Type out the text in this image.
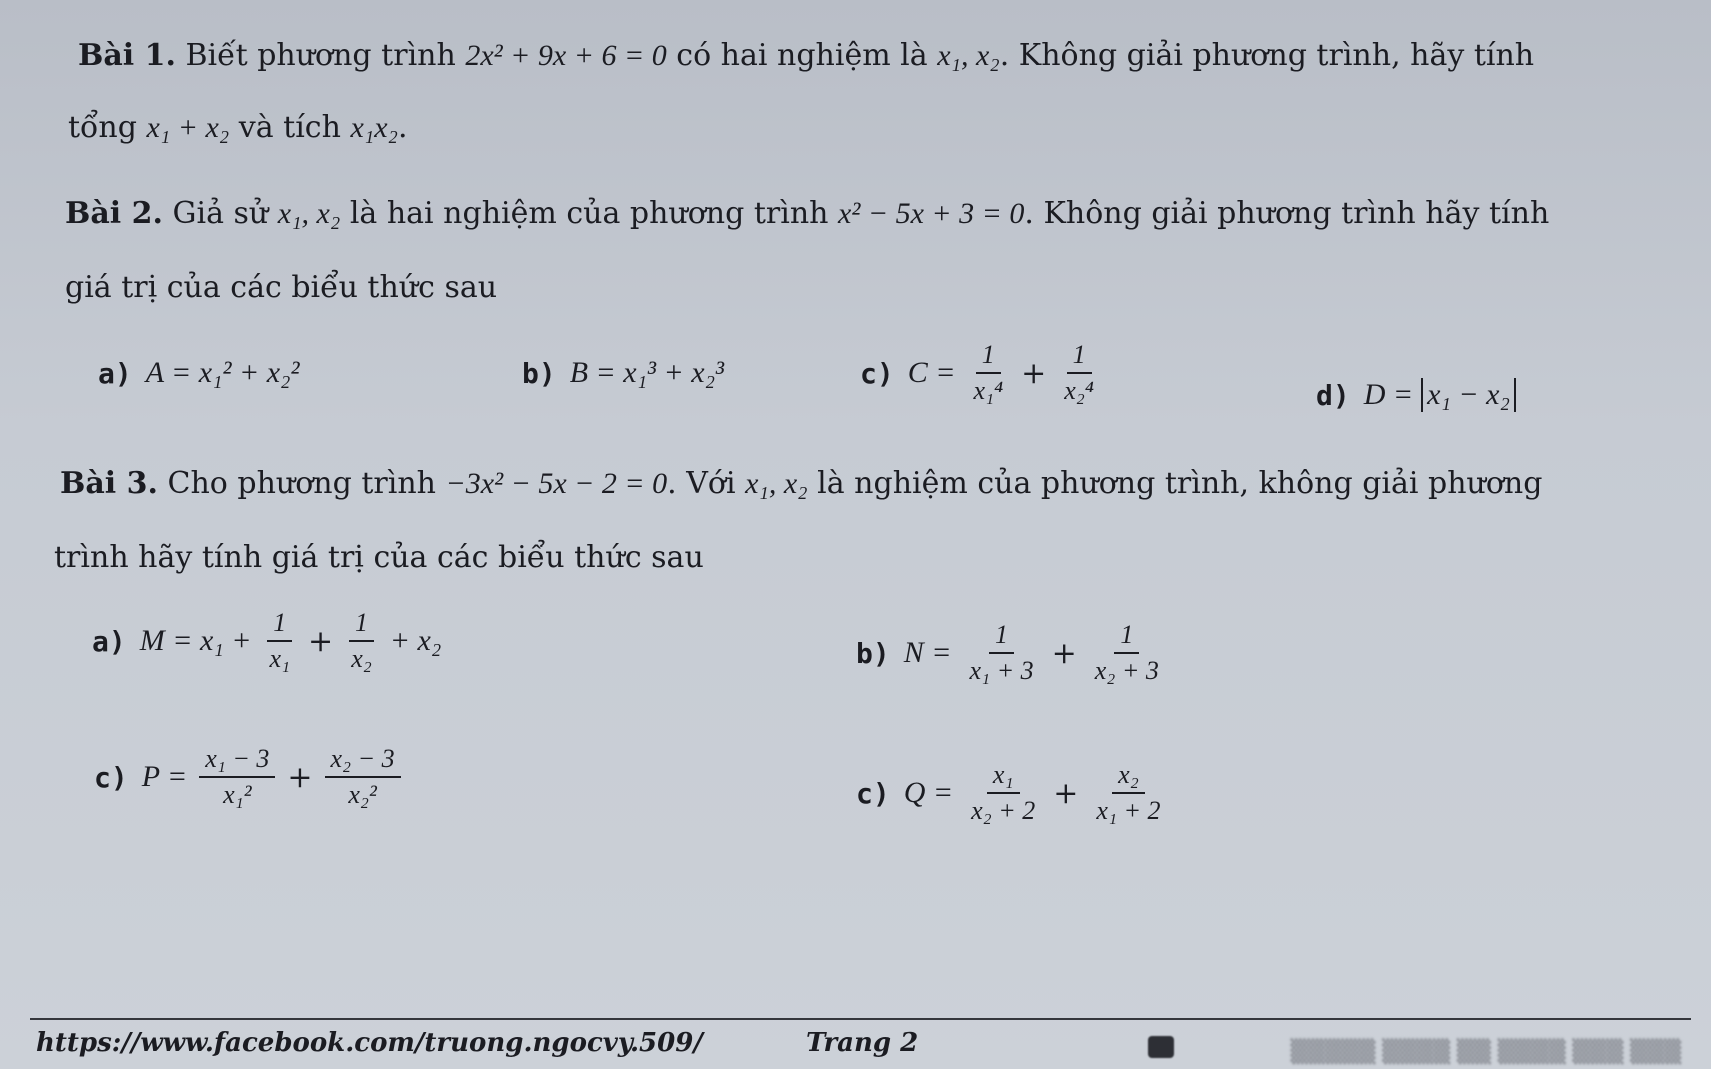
Bài 1. Biết phương trình 2x² + 9x + 6 = 0 có hai nghiệm là x₁, x₂. Không giải phương trình, hãy tính
tổng x₁ + x₂ và tích x₁x₂.
Bài 2. Giả sử x₁, x₂ là hai nghiệm của phương trình x² − 5x + 3 = 0. Không giải phương trình hãy tính
giá trị của các biểu thức sau
a) A = x₁² + x₂²	b) B = x₁³ + x₂³	c) $C = \frac{1}{\text{x₁⁴}} + \frac{1}{\text{x₂⁴}}$	d) D = x₁ − x₂
Bài 3. Cho phương trình −3x² − 5x − 2 = 0. Với x₁, x₂ là nghiệm của phương trình, không giải phương
trình hãy tính giá trị của các biểu thức sau
a) $M = x_1 + \frac{1}{\text{x₁}} + \frac{1}{\text{x₂}} + x_2$	b) $N = \frac{1}{\text{x₁ + 3}} + \frac{1}{\text{x₂ + 3}}$
c) $P = \frac{\text{x₁ − 3}}{\text{x₁²}} + \frac{\text{x₂ − 3}}{\text{x₂²}}$	c) $Q = \frac{\text{x₁}}{\text{x₂ + 2}} + \frac{\text{x₂}}{\text{x₁ + 2}}$
https://www.facebook.com/truong.ngocvy.509/	Trang 2	▒▒▒▒▒ ▒▒▒▒ ▒▒ ▒▒▒▒ ▒▒▒ ▒▒▒
